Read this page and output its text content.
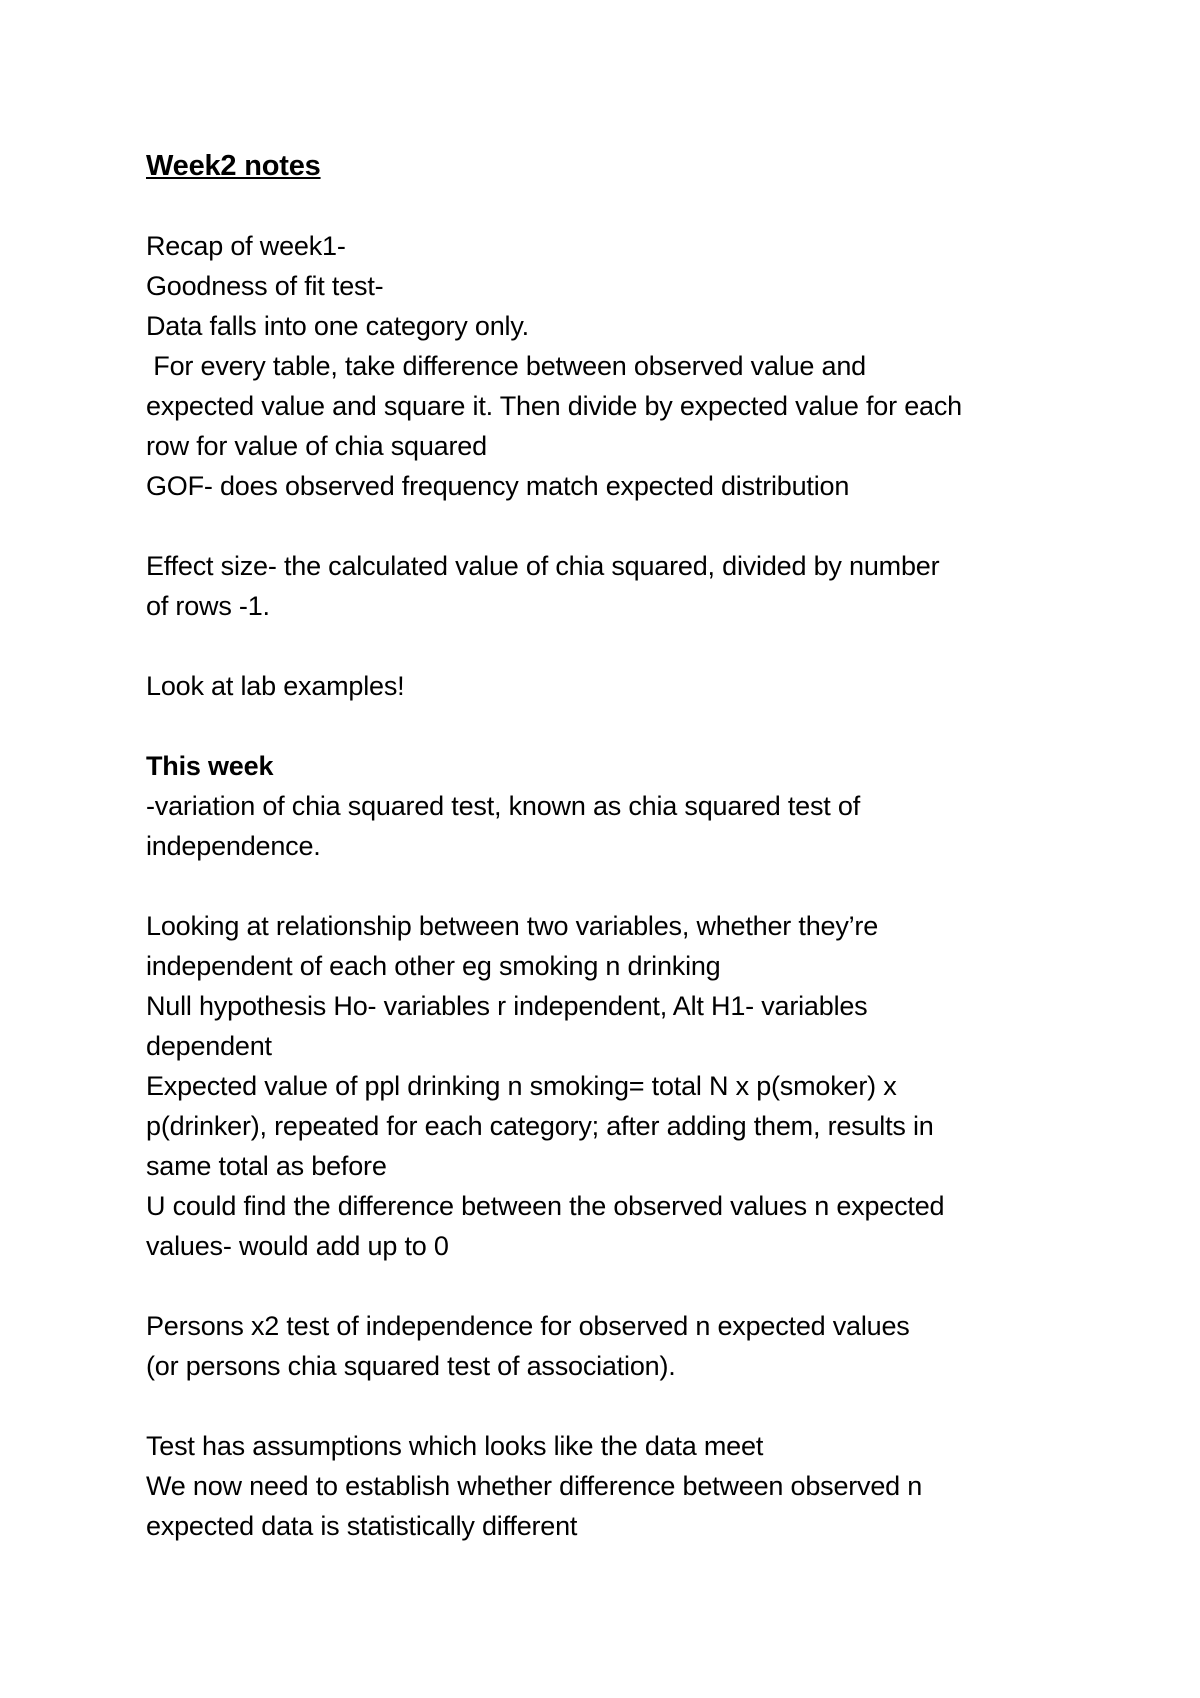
Week2 notes
Recap of week1-
Goodness of fit test-
Data falls into one category only.
For every table, take difference between observed value and
expected value and square it. Then divide by expected value for each
row for value of chia squared
GOF- does observed frequency match expected distribution
Effect size- the calculated value of chia squared, divided by number
of rows -1.
Look at lab examples!
This week
-variation of chia squared test, known as chia squared test of
independence.
Looking at relationship between two variables, whether they’re
independent of each other eg smoking n drinking
Null hypothesis Ho- variables r independent, Alt H1- variables
dependent
Expected value of ppl drinking n smoking= total N x p(smoker) x
p(drinker), repeated for each category; after adding them, results in
same total as before
U could find the difference between the observed values n expected
values- would add up to 0
Persons x2 test of independence for observed n expected values
(or persons chia squared test of association).
Test has assumptions which looks like the data meet
We now need to establish whether difference between observed n
expected data is statistically different
